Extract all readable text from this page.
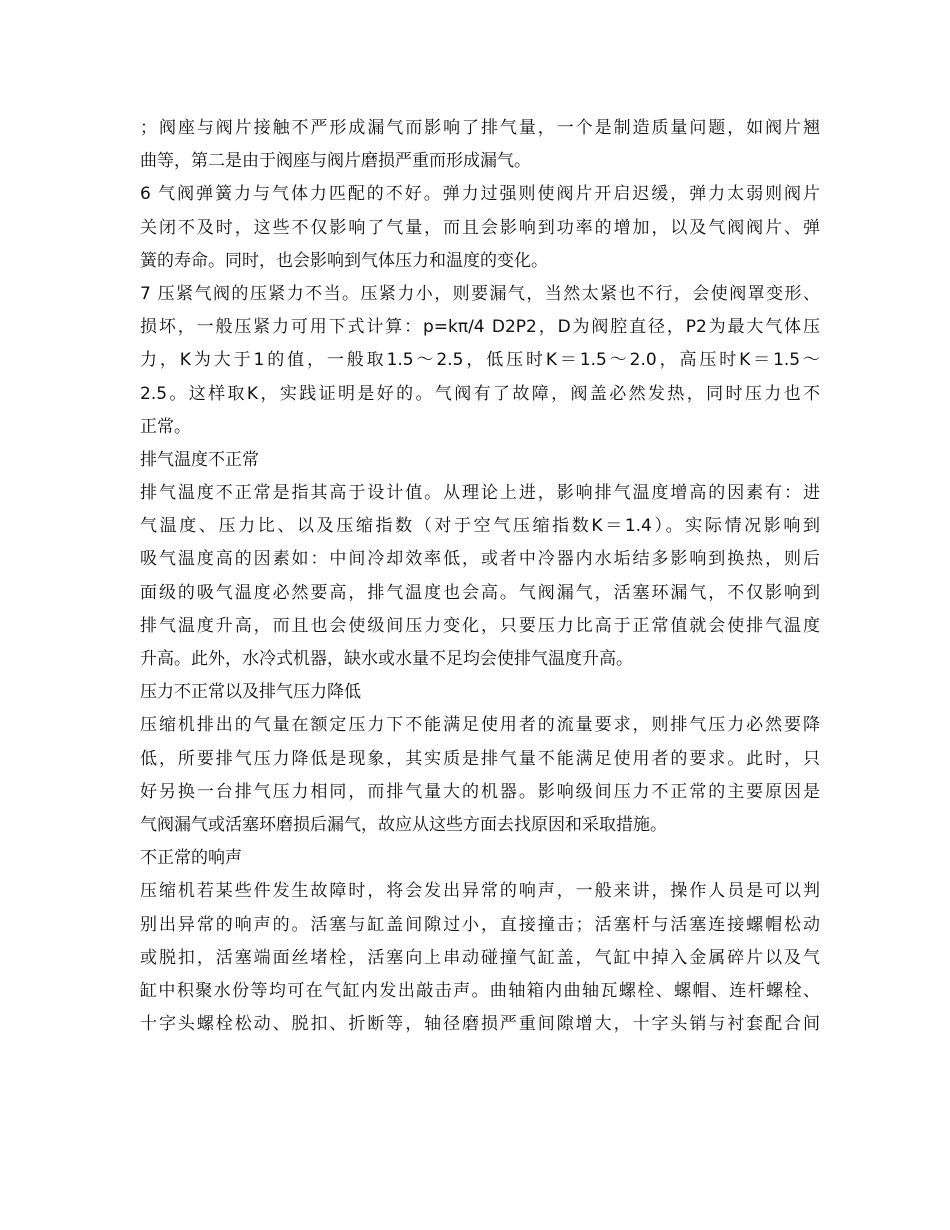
；阀座与阀片接触不严形成漏气而影响了排气量，一个是制造质量问题，如阀片翘
曲等，第二是由于阀座与阀片磨损严重而形成漏气。
6 气阀弹簧力与气体力匹配的不好。弹力过强则使阀片开启迟缓，弹力太弱则阀片
关闭不及时，这些不仅影响了气量，而且会影响到功率的增加，以及气阀阀片、弹
簧的寿命。同时，也会影响到气体压力和温度的变化。
7 压紧气阀的压紧力不当。压紧力小，则要漏气，当然太紧也不行，会使阀罩变形、
损坏，一般压紧力可用下式计算：p=kπ/4 D2P2，D为阀腔直径，P2为最大气体压
力，K为大于1的值，一般取1.5～2.5，低压时K＝1.5～2.0，高压时K＝1.5～
2.5。这样取K，实践证明是好的。气阀有了故障，阀盖必然发热，同时压力也不
正常。
排气温度不正常
排气温度不正常是指其高于设计值。从理论上进，影响排气温度增高的因素有：进
气温度、压力比、以及压缩指数（对于空气压缩指数K＝1.4）。实际情况影响到
吸气温度高的因素如：中间冷却效率低，或者中冷器内水垢结多影响到换热，则后
面级的吸气温度必然要高，排气温度也会高。气阀漏气，活塞环漏气，不仅影响到
排气温度升高，而且也会使级间压力变化，只要压力比高于正常值就会使排气温度
升高。此外，水冷式机器，缺水或水量不足均会使排气温度升高。
压力不正常以及排气压力降低
压缩机排出的气量在额定压力下不能满足使用者的流量要求，则排气压力必然要降
低，所要排气压力降低是现象，其实质是排气量不能满足使用者的要求。此时，只
好另换一台排气压力相同，而排气量大的机器。影响级间压力不正常的主要原因是
气阀漏气或活塞环磨损后漏气，故应从这些方面去找原因和采取措施。
不正常的响声
压缩机若某些件发生故障时，将会发出异常的响声，一般来讲，操作人员是可以判
别出异常的响声的。活塞与缸盖间隙过小，直接撞击；活塞杆与活塞连接螺帽松动
或脱扣，活塞端面丝堵栓，活塞向上串动碰撞气缸盖，气缸中掉入金属碎片以及气
缸中积聚水份等均可在气缸内发出敲击声。曲轴箱内曲轴瓦螺栓、螺帽、连杆螺栓、
十字头螺栓松动、脱扣、折断等，轴径磨损严重间隙增大，十字头销与衬套配合间
